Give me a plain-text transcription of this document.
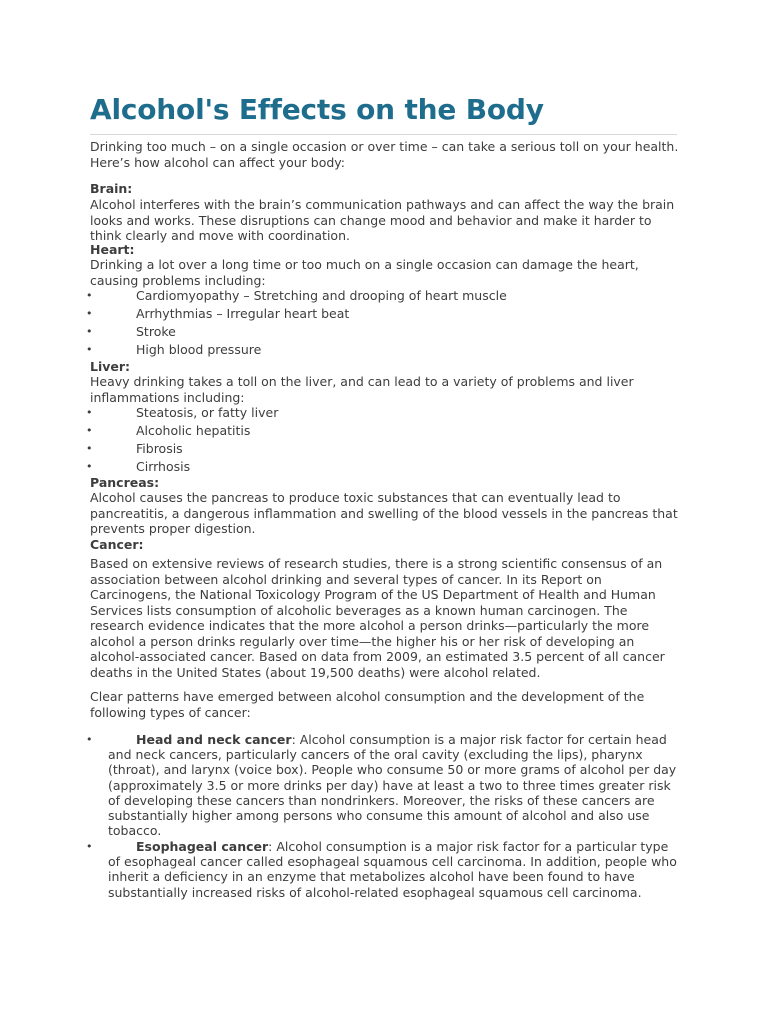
Alcohol's Effects on the Body

Drinking too much – on a single occasion or over time – can take a serious toll on your health. Here’s how alcohol can affect your body:

Brain:

Alcohol interferes with the brain’s communication pathways and can affect the way the brain looks and works. These disruptions can change mood and behavior and make it harder to think clearly and move with coordination.

Heart:

Drinking a lot over a long time or too much on a single occasion can damage the heart, causing problems including:

•	Cardiomyopathy – Stretching and drooping of heart muscle
•	Arrhythmias – Irregular heart beat
•	Stroke
•	High blood pressure

Liver:

Heavy drinking takes a toll on the liver, and can lead to a variety of problems and liver inflammations including:

•	Steatosis, or fatty liver
•	Alcoholic hepatitis
•	Fibrosis
•	Cirrhosis

Pancreas:

Alcohol causes the pancreas to produce toxic substances that can eventually lead to pancreatitis, a dangerous inflammation and swelling of the blood vessels in the pancreas that prevents proper digestion.

Cancer:

Based on extensive reviews of research studies, there is a strong scientific consensus of an association between alcohol drinking and several types of cancer. In its Report on Carcinogens, the National Toxicology Program of the US Department of Health and Human Services lists consumption of alcoholic beverages as a known human carcinogen. The research evidence indicates that the more alcohol a person drinks—particularly the more alcohol a person drinks regularly over time—the higher his or her risk of developing an alcohol-associated cancer. Based on data from 2009, an estimated 3.5 percent of all cancer deaths in the United States (about 19,500 deaths) were alcohol related.

Clear patterns have emerged between alcohol consumption and the development of the following types of cancer:

•	Head and neck cancer: Alcohol consumption is a major risk factor for certain head and neck cancers, particularly cancers of the oral cavity (excluding the lips), pharynx (throat), and larynx (voice box). People who consume 50 or more grams of alcohol per day (approximately 3.5 or more drinks per day) have at least a two to three times greater risk of developing these cancers than nondrinkers. Moreover, the risks of these cancers are substantially higher among persons who consume this amount of alcohol and also use tobacco.
•	Esophageal cancer: Alcohol consumption is a major risk factor for a particular type of esophageal cancer called esophageal squamous cell carcinoma. In addition, people who inherit a deficiency in an enzyme that metabolizes alcohol have been found to have substantially increased risks of alcohol-related esophageal squamous cell carcinoma.
